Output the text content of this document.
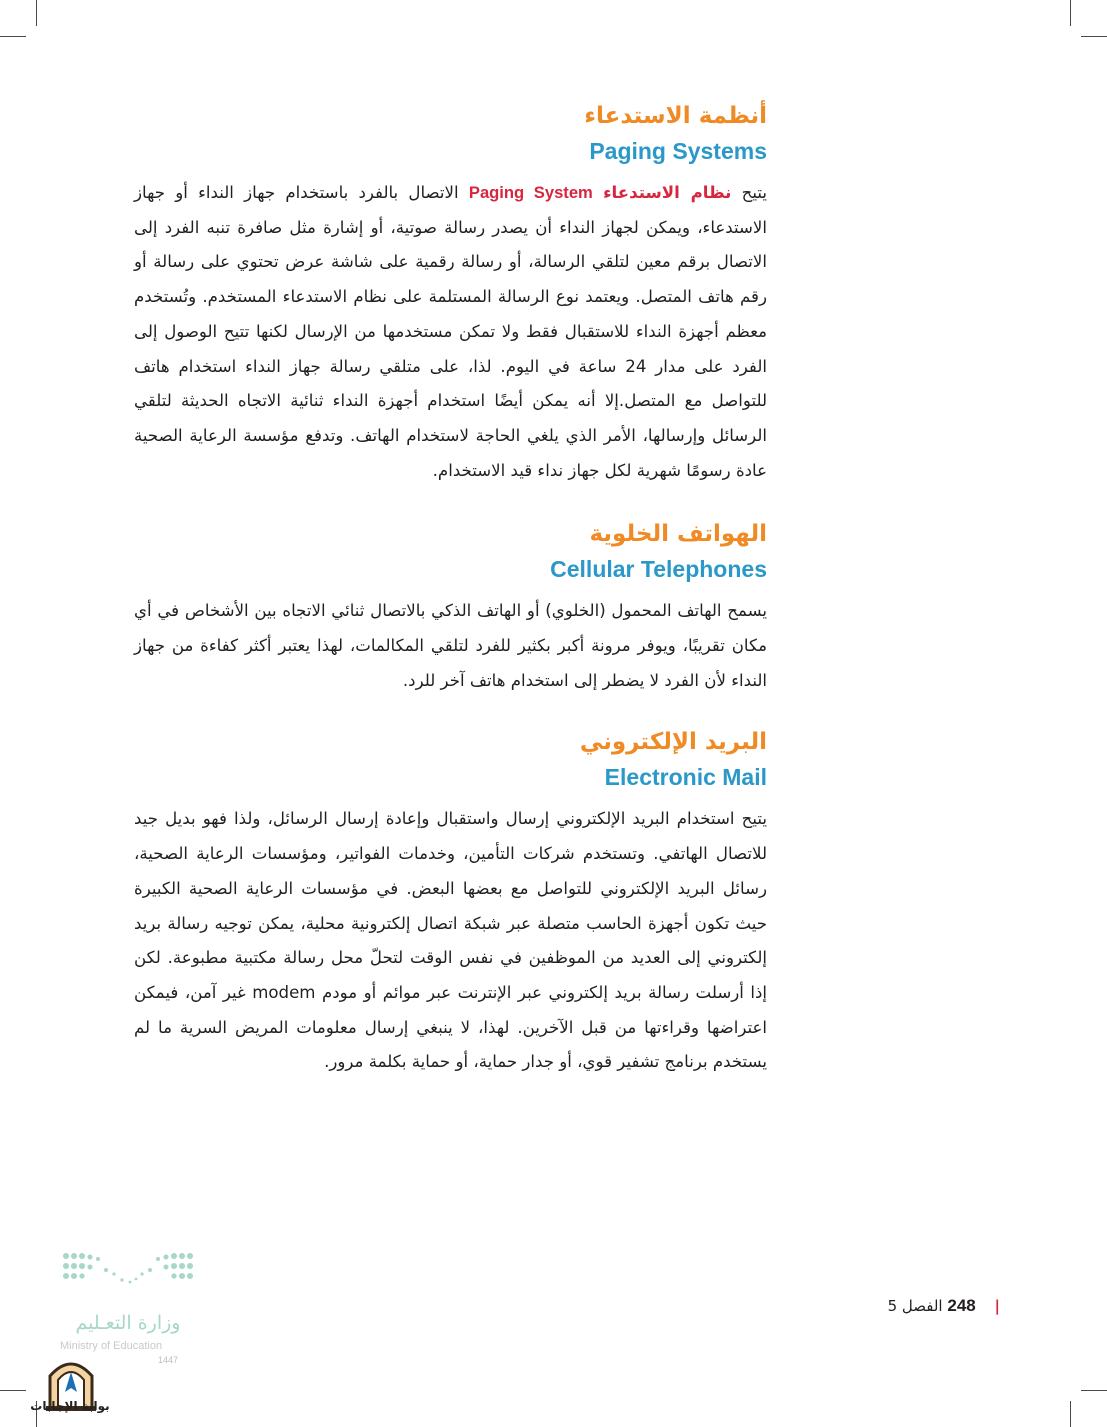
أنظمة الاستدعاء
Paging Systems

يتيح نظام الاستدعاء Paging System الاتصال بالفرد باستخدام جهاز النداء أو جهاز الاستدعاء، ويمكن لجهاز النداء أن يصدر رسالة صوتية، أو إشارة مثل صافرة تنبه الفرد إلى الاتصال برقم معين لتلقي الرسالة، أو رسالة رقمية على شاشة عرض تحتوي على رسالة أو رقم هاتف المتصل. ويعتمد نوع الرسالة المستلمة على نظام الاستدعاء المستخدم. وتُستخدم معظم أجهزة النداء للاستقبال فقط ولا تمكن مستخدمها من الإرسال لكنها تتيح الوصول إلى الفرد على مدار 24 ساعة في اليوم. لذا، على متلقي رسالة جهاز النداء استخدام هاتف للتواصل مع المتصل.إلا أنه يمكن أيضًا استخدام أجهزة النداء ثنائية الاتجاه الحديثة لتلقي الرسائل وإرسالها، الأمر الذي يلغي الحاجة لاستخدام الهاتف. وتدفع مؤسسة الرعاية الصحية عادة رسومًا شهرية لكل جهاز نداء قيد الاستخدام.

الهواتف الخلوية
Cellular Telephones

يسمح الهاتف المحمول (الخلوي) أو الهاتف الذكي بالاتصال ثنائي الاتجاه بين الأشخاص في أي مكان تقريبًا، ويوفر مرونة أكبر بكثير للفرد لتلقي المكالمات، لهذا يعتبر أكثر كفاءة من جهاز النداء لأن الفرد لا يضطر إلى استخدام هاتف آخر للرد.

البريد الإلكتروني
Electronic Mail

يتيح استخدام البريد الإلكتروني إرسال واستقبال وإعادة إرسال الرسائل، ولذا فهو بديل جيد للاتصال الهاتفي. وتستخدم شركات التأمين، وخدمات الفواتير، ومؤسسات الرعاية الصحية، رسائل البريد الإلكتروني للتواصل مع بعضها البعض. في مؤسسات الرعاية الصحية الكبيرة حيث تكون أجهزة الحاسب متصلة عبر شبكة اتصال إلكترونية محلية، يمكن توجيه رسالة بريد إلكتروني إلى العديد من الموظفين في نفس الوقت لتحلّ محل رسالة مكتبية مطبوعة. لكن إذا أرسلت رسالة بريد إلكتروني عبر الإنترنت عبر موائم أو مودم modem غير آمن، فيمكن اعتراضها وقراءتها من قبل الآخرين. لهذا، لا ينبغي إرسال معلومات المريض السرية ما لم يستخدم برنامج تشفير قوي، أو جدار حماية، أو حماية بكلمة مرور.

| 248 الفصل 5
وزارة التعـليم
Ministry of Education
1447
بوابة الإجابات
